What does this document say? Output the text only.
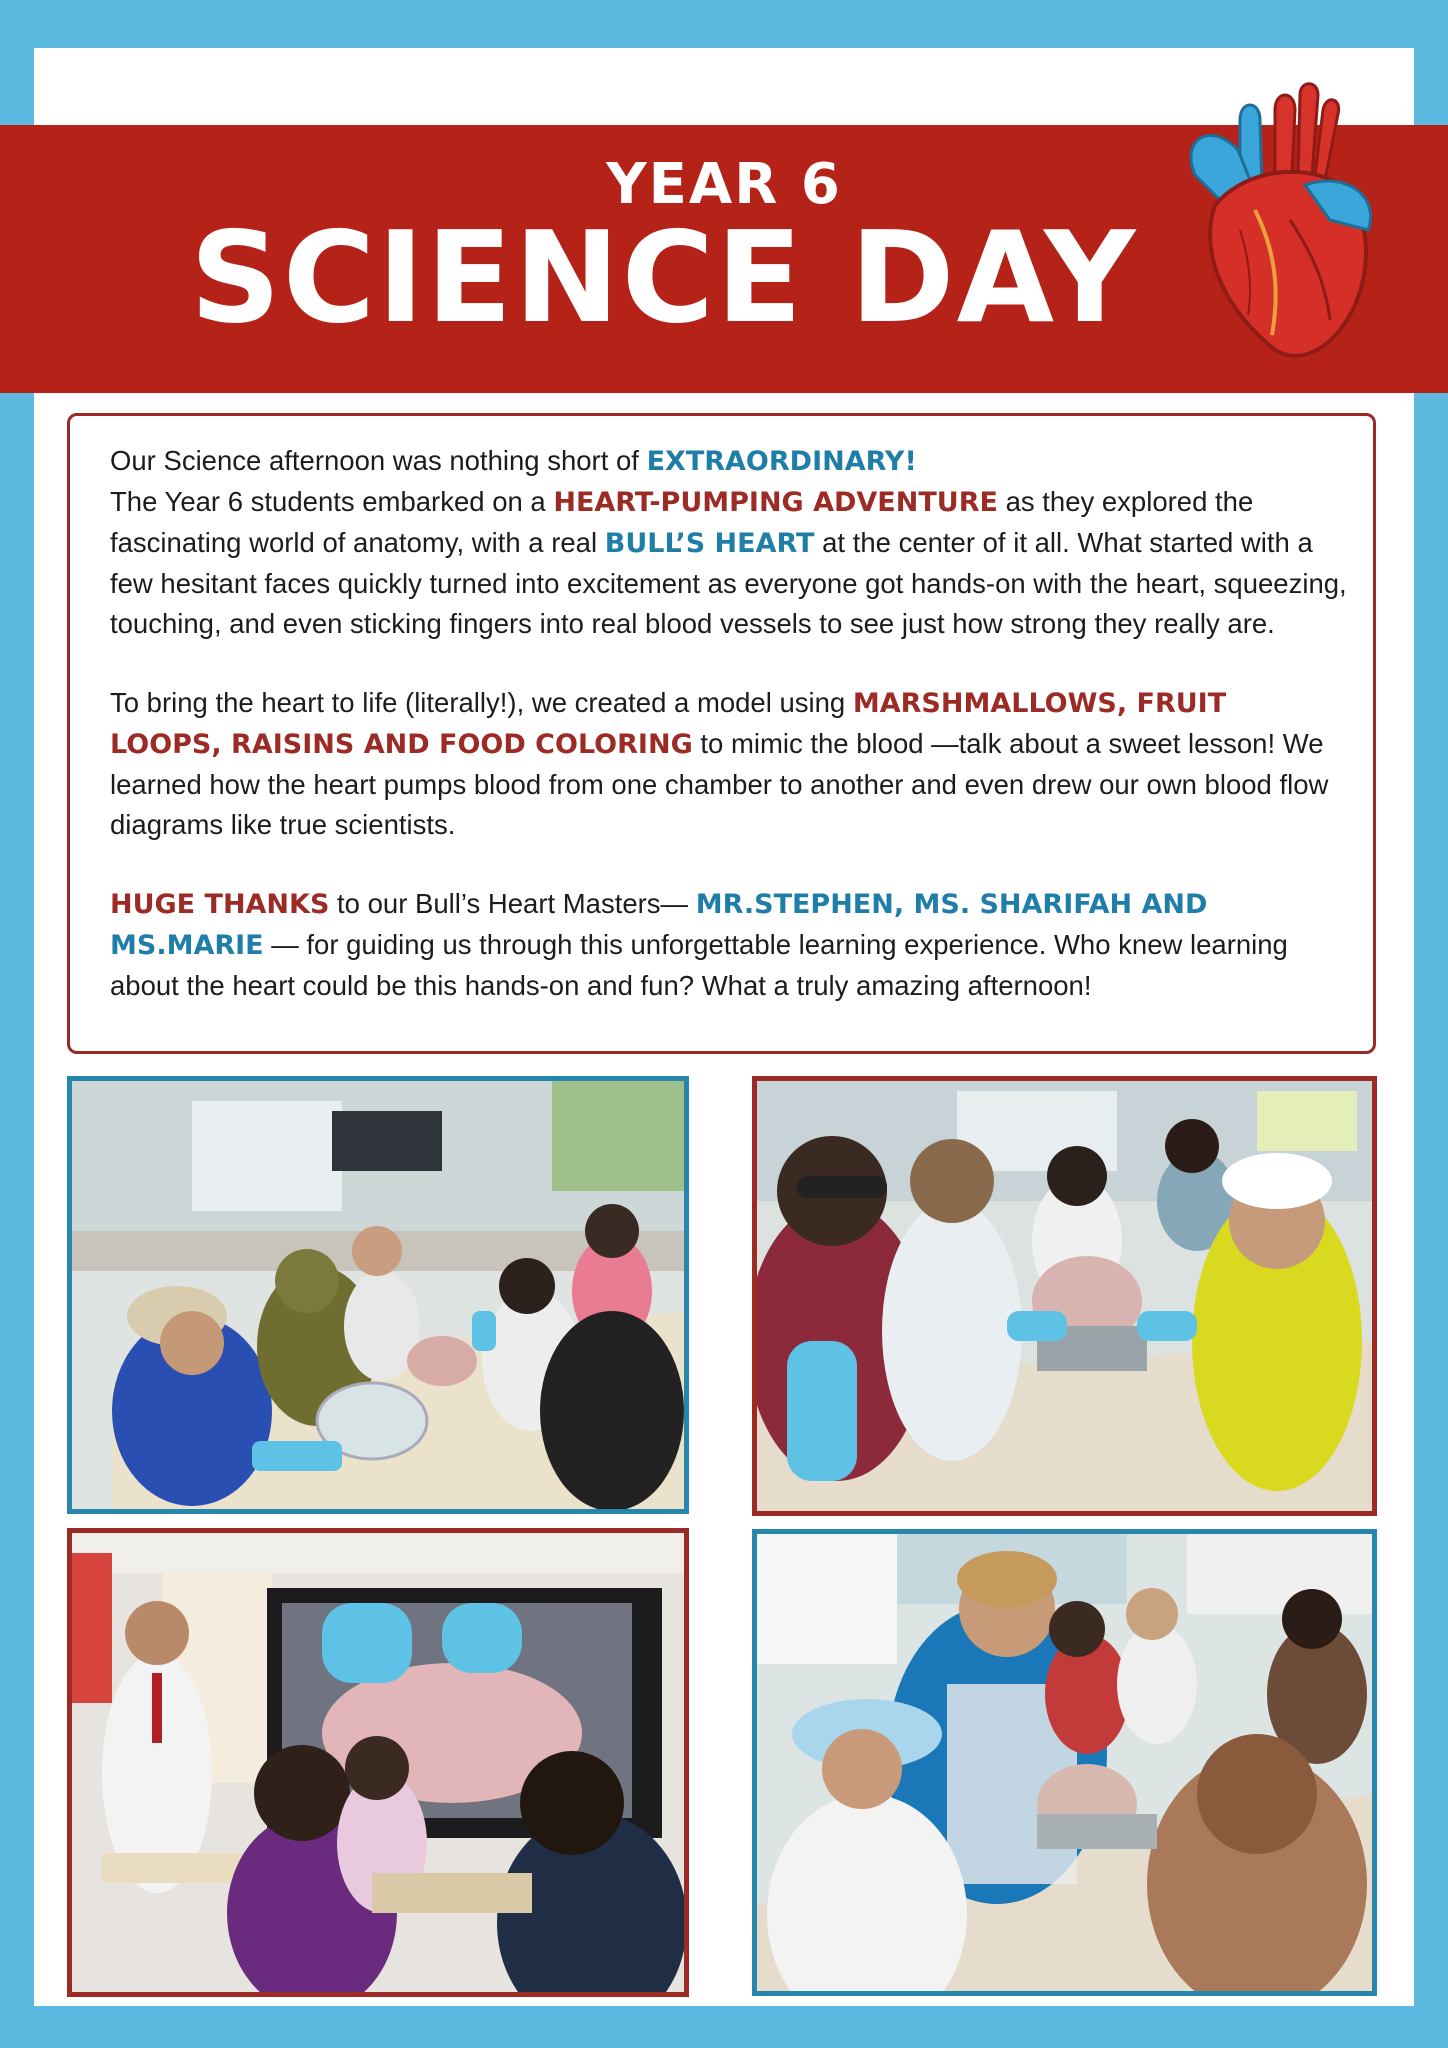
YEAR 6
SCIENCE DAY

Our Science afternoon was nothing short of EXTRAORDINARY!
The Year 6 students embarked on a HEART-PUMPING ADVENTURE as they explored the fascinating world of anatomy, with a real BULL’S HEART at the center of it all. What started with a few hesitant faces quickly turned into excitement as everyone got hands-on with the heart, squeezing, touching, and even sticking fingers into real blood vessels to see just how strong they really are.

To bring the heart to life (literally!), we created a model using MARSHMALLOWS, FRUIT LOOPS, RAISINS AND FOOD COLORING to mimic the blood —talk about a sweet lesson! We learned how the heart pumps blood from one chamber to another and even drew our own blood flow diagrams like true scientists.

HUGE THANKS to our Bull’s Heart Masters— MR.STEPHEN, MS. SHARIFAH AND MS.MARIE — for guiding us through this unforgettable learning experience. Who knew learning about the heart could be this hands-on and fun? What a truly amazing afternoon!
